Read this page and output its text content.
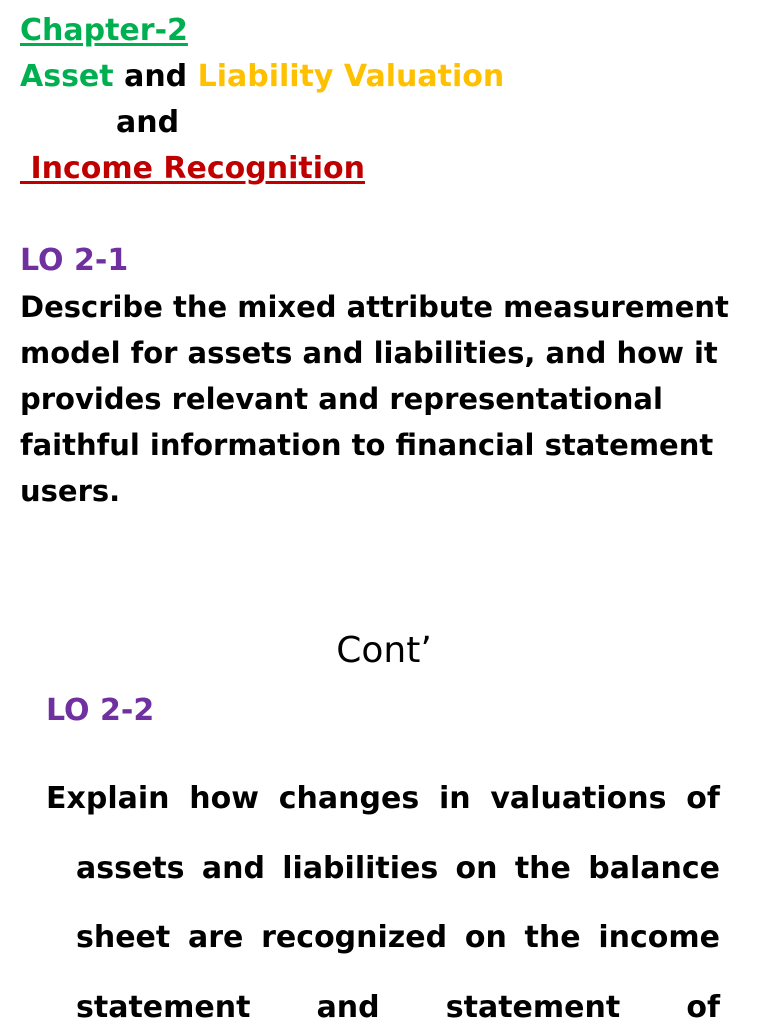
Chapter-2
Asset and Liability Valuation
and
Income Recognition
LO 2-1
Describe the mixed attribute measurement
model for assets and liabilities, and how it
provides relevant and representational
faithful information to financial statement
users.
Cont’
LO 2-2
Explain how changes in valuations of
assets and liabilities on the balance
sheet are recognized on the income
statement and statement of
